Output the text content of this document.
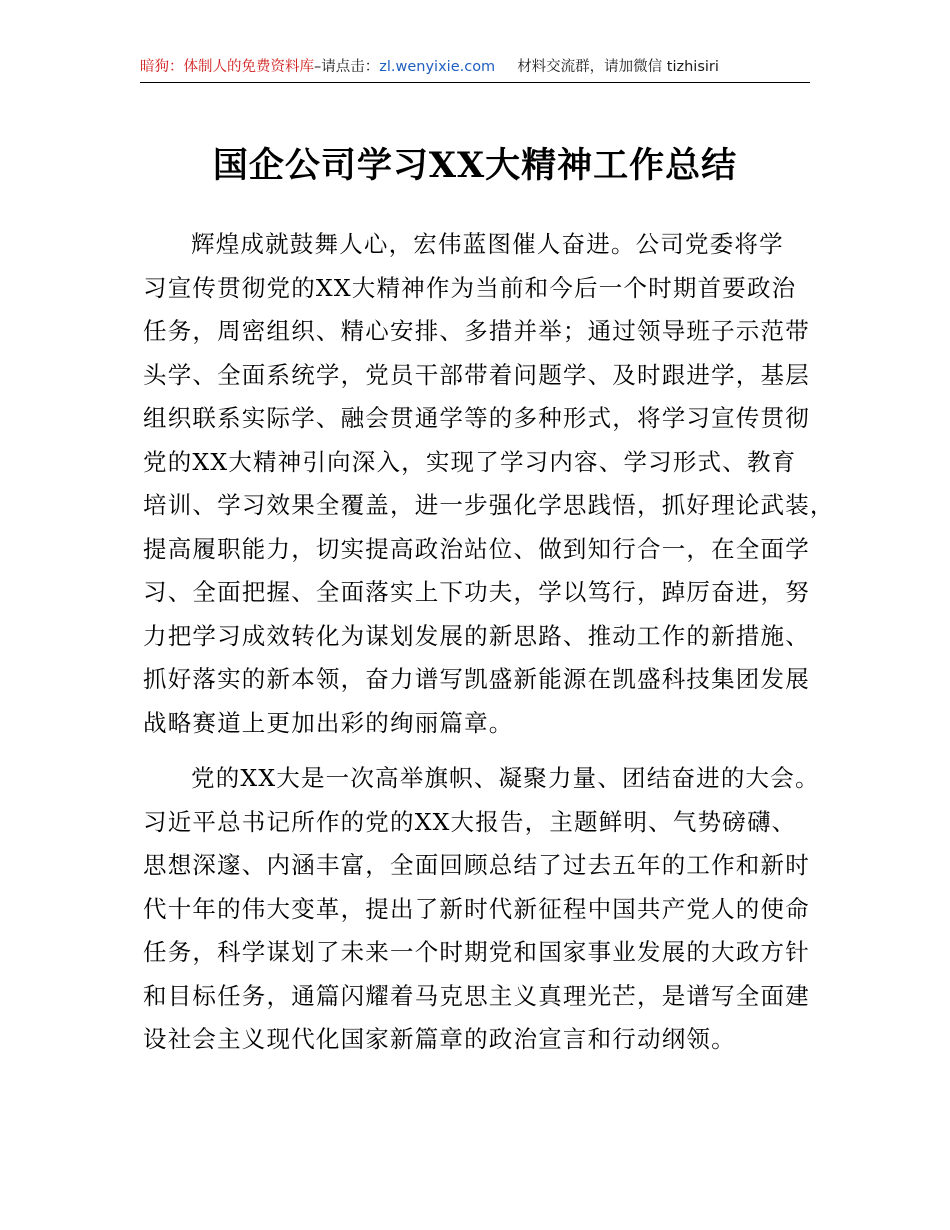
暗狗：体制人的免费资料库 –请点击： zl.wenyixie.com 材料交流群，请加微信 tizhisiri
国企公司学习XX大精神工作总结
辉煌成就鼓舞人心，宏伟蓝图催人奋进。公司党委将学
习宣传贯彻党的XX大精神作为当前和今后一个时期首要政治
任务，周密组织、精心安排、多措并举；通过领导班子示范带
头学、全面系统学，党员干部带着问题学、及时跟进学，基层
组织联系实际学、融会贯通学等的多种形式，将学习宣传贯彻
党的XX大精神引向深入，实现了学习内容、学习形式、教育
培训、学习效果全覆盖，进一步强化学思践悟，抓好理论武装，
提高履职能力，切实提高政治站位、做到知行合一，在全面学
习、全面把握、全面落实上下功夫，学以笃行，踔厉奋进，努
力把学习成效转化为谋划发展的新思路、推动工作的新措施、
抓好落实的新本领，奋力谱写凯盛新能源在凯盛科技集团发展
战略赛道上更加出彩的绚丽篇章。
党的XX大是一次高举旗帜、凝聚力量、团结奋进的大会。
习近平总书记所作的党的XX大报告，主题鲜明、气势磅礴、
思想深邃、内涵丰富，全面回顾总结了过去五年的工作和新时
代十年的伟大变革，提出了新时代新征程中国共产党人的使命
任务，科学谋划了未来一个时期党和国家事业发展的大政方针
和目标任务，通篇闪耀着马克思主义真理光芒，是谱写全面建
设社会主义现代化国家新篇章的政治宣言和行动纲领。
